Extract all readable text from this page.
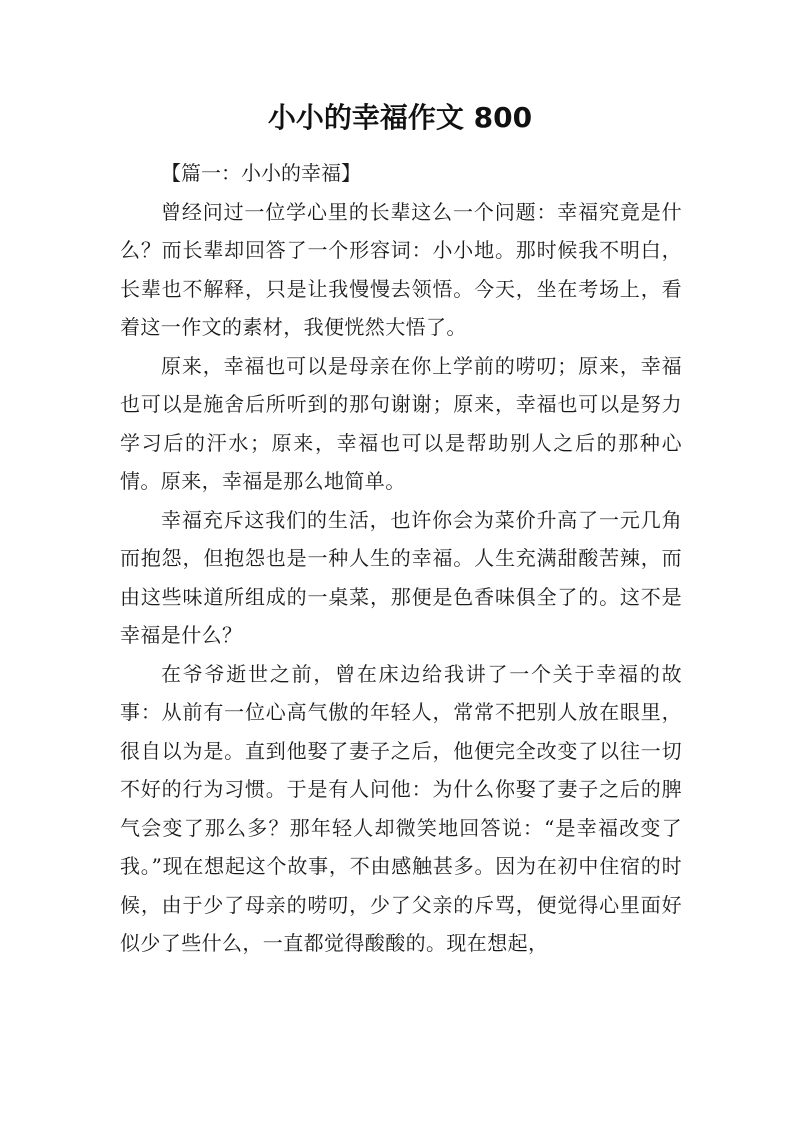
小小的幸福作文 800

【篇一：小小的幸福】

曾经问过一位学心里的长辈这么一个问题：幸福究竟是什么？而长辈却回答了一个形容词：小小地。那时候我不明白，长辈也不解释，只是让我慢慢去领悟。今天，坐在考场上，看着这一作文的素材，我便恍然大悟了。

原来，幸福也可以是母亲在你上学前的唠叨；原来，幸福也可以是施舍后所听到的那句谢谢；原来，幸福也可以是努力学习后的汗水；原来，幸福也可以是帮助别人之后的那种心情。原来，幸福是那么地简单。

幸福充斥这我们的生活，也许你会为菜价升高了一元几角而抱怨，但抱怨也是一种人生的幸福。人生充满甜酸苦辣，而由这些味道所组成的一桌菜，那便是色香味俱全了的。这不是幸福是什么？

在爷爷逝世之前，曾在床边给我讲了一个关于幸福的故事：从前有一位心高气傲的年轻人，常常不把别人放在眼里，很自以为是。直到他娶了妻子之后，他便完全改变了以往一切不好的行为习惯。于是有人问他：为什么你娶了妻子之后的脾气会变了那么多？那年轻人却微笑地回答说：“是幸福改变了我。”现在想起这个故事，不由感触甚多。因为在初中住宿的时候，由于少了母亲的唠叨，少了父亲的斥骂，便觉得心里面好似少了些什么，一直都觉得酸酸的。现在想起，
